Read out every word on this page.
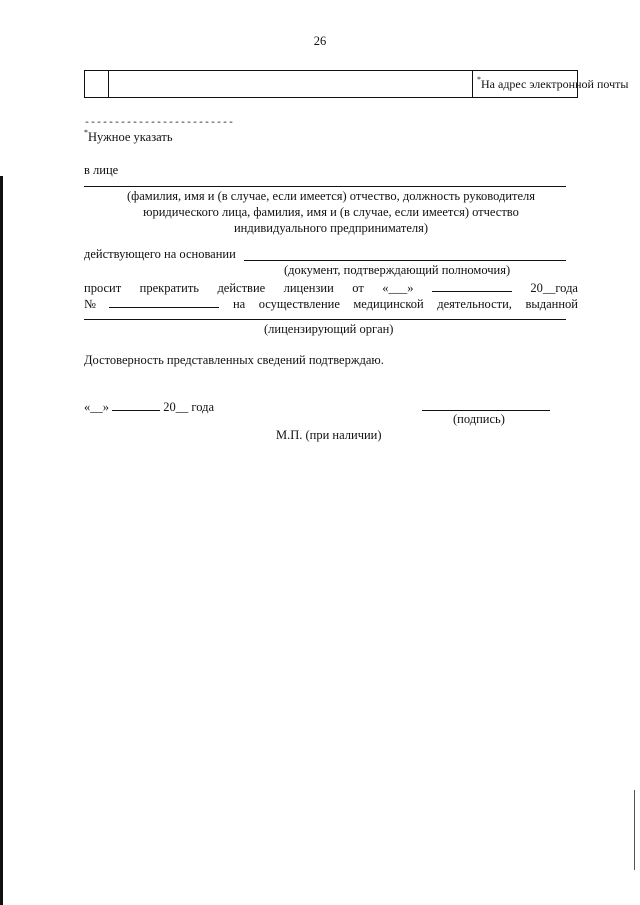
26
*На адрес электронной почты
-------------------------
*Нужное указать
в лице
(фамилия, имя и (в случае, если имеется) отчество, должность руководителя
юридического лица, фамилия, имя и (в случае, если имеется) отчество
индивидуального предпринимателя)
действующего на основании
(документ, подтверждающий полномочия)
просит прекратить действие лицензии от «___»	20__года
№	на осуществление медицинской деятельности, выданной
(лицензирующий орган)
Достоверность представленных сведений подтверждаю.
«__»	20__ года
(подпись)
М.П. (при наличии)
